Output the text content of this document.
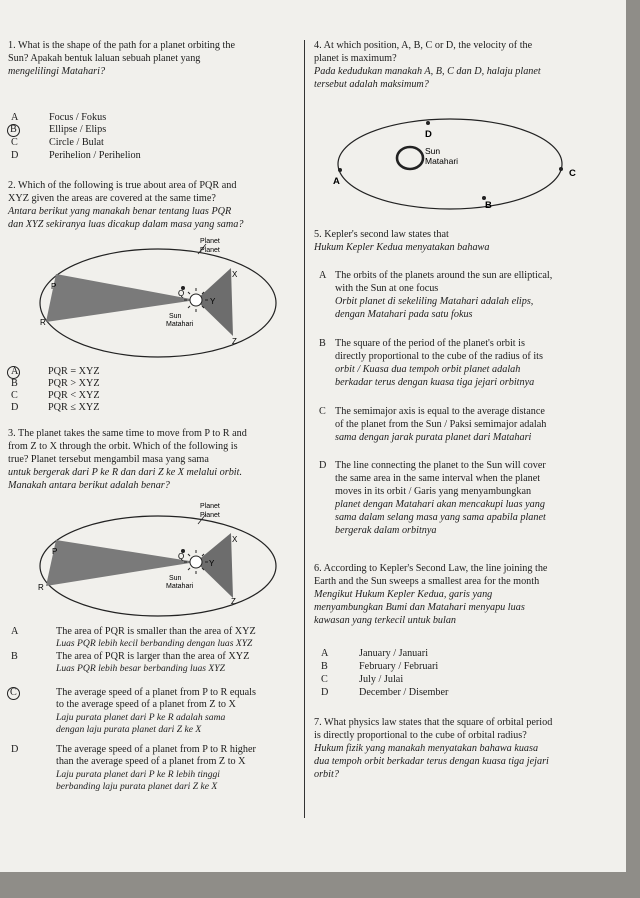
1. What is the shape of the path for a planet orbiting the
Sun? Apakah bentuk laluan sebuah planet yang
mengelilingi Matahari?
A	Focus / Fokus
B	Ellipse / Elips
C	Circle / Bulat
D	Perihelion / Perihelion
2. Which of the following is true about area of PQR and
XYZ given the areas are covered at the same time?
Antara berikut yang manakah benar tentang luas PQR
dan XYZ sekiranya luas dicakup dalam masa yang sama?
Planet
Planet
Sun
Matahari
P
Q
R
X
Y
Z
A	PQR = XYZ
B	PQR > XYZ
C	PQR < XYZ
D	PQR ≤ XYZ
3. The planet takes the same time to move from P to R and
from Z to X through the orbit. Which of the following is
true? Planet tersebut mengambil masa yang sama
untuk bergerak dari P ke R dan dari Z ke X melalui orbit.
Manakah antara berikut adalah benar?
Planet
Planet
Sun
Matahari
P
Q
R
X
Y
Z
A	The area of PQR is smaller than the area of XYZ
Luas PQR lebih kecil berbanding dengan luas XYZ
B	The area of PQR is larger than the area of XYZ
Luas PQR lebih besar berbanding luas XYZ
C	The average speed of a planet from P to R equals
to the average speed of a planet from Z to X
Laju purata planet dari P ke R adalah sama
dengan laju purata planet dari Z ke X
D	The average speed of a planet from P to R higher
than the average speed of a planet from Z to X
Laju purata planet dari P ke R lebih tinggi
berbanding laju purata planet dari Z ke X
4. At which position, A, B, C or D, the velocity of the
planet is maximum?
Pada kedudukan manakah A, B, C dan D, halaju planet
tersebut adalah maksimum?
Sun
Matahari
A
B
C
D
5. Kepler's second law states that
Hukum Kepler Kedua menyatakan bahawa
A The orbits of the planets around the sun are elliptical,
with the Sun at one focus
Orbit planet di sekeliling Matahari adalah elips,
dengan Matahari pada satu fokus
B The square of the period of the planet's orbit is
directly proportional to the cube of the radius of its
orbit / Kuasa dua tempoh orbit planet adalah
berkadar terus dengan kuasa tiga jejari orbitnya
C The semimajor axis is equal to the average distance
of the planet from the Sun / Paksi semimajor adalah
sama dengan jarak purata planet dari Matahari
D The line connecting the planet to the Sun will cover
the same area in the same interval when the planet
moves in its orbit / Garis yang menyambungkan
planet dengan Matahari akan mencakupi luas yang
sama dalam selang masa yang sama apabila planet
bergerak dalam orbitnya
6. According to Kepler's Second Law, the line joining the
Earth and the Sun sweeps a smallest area for the month
Mengikut Hukum Kepler Kedua, garis yang
menyambungkan Bumi dan Matahari menyapu luas
kawasan yang terkecil untuk bulan
A	January / Januari
B	February / Februari
C	July / Julai
D	December / Disember
7. What physics law states that the square of orbital period
is directly proportional to the cube of orbital radius?
Hukum fizik yang manakah menyatakan bahawa kuasa
dua tempoh orbit berkadar terus dengan kuasa tiga jejari
orbit?
